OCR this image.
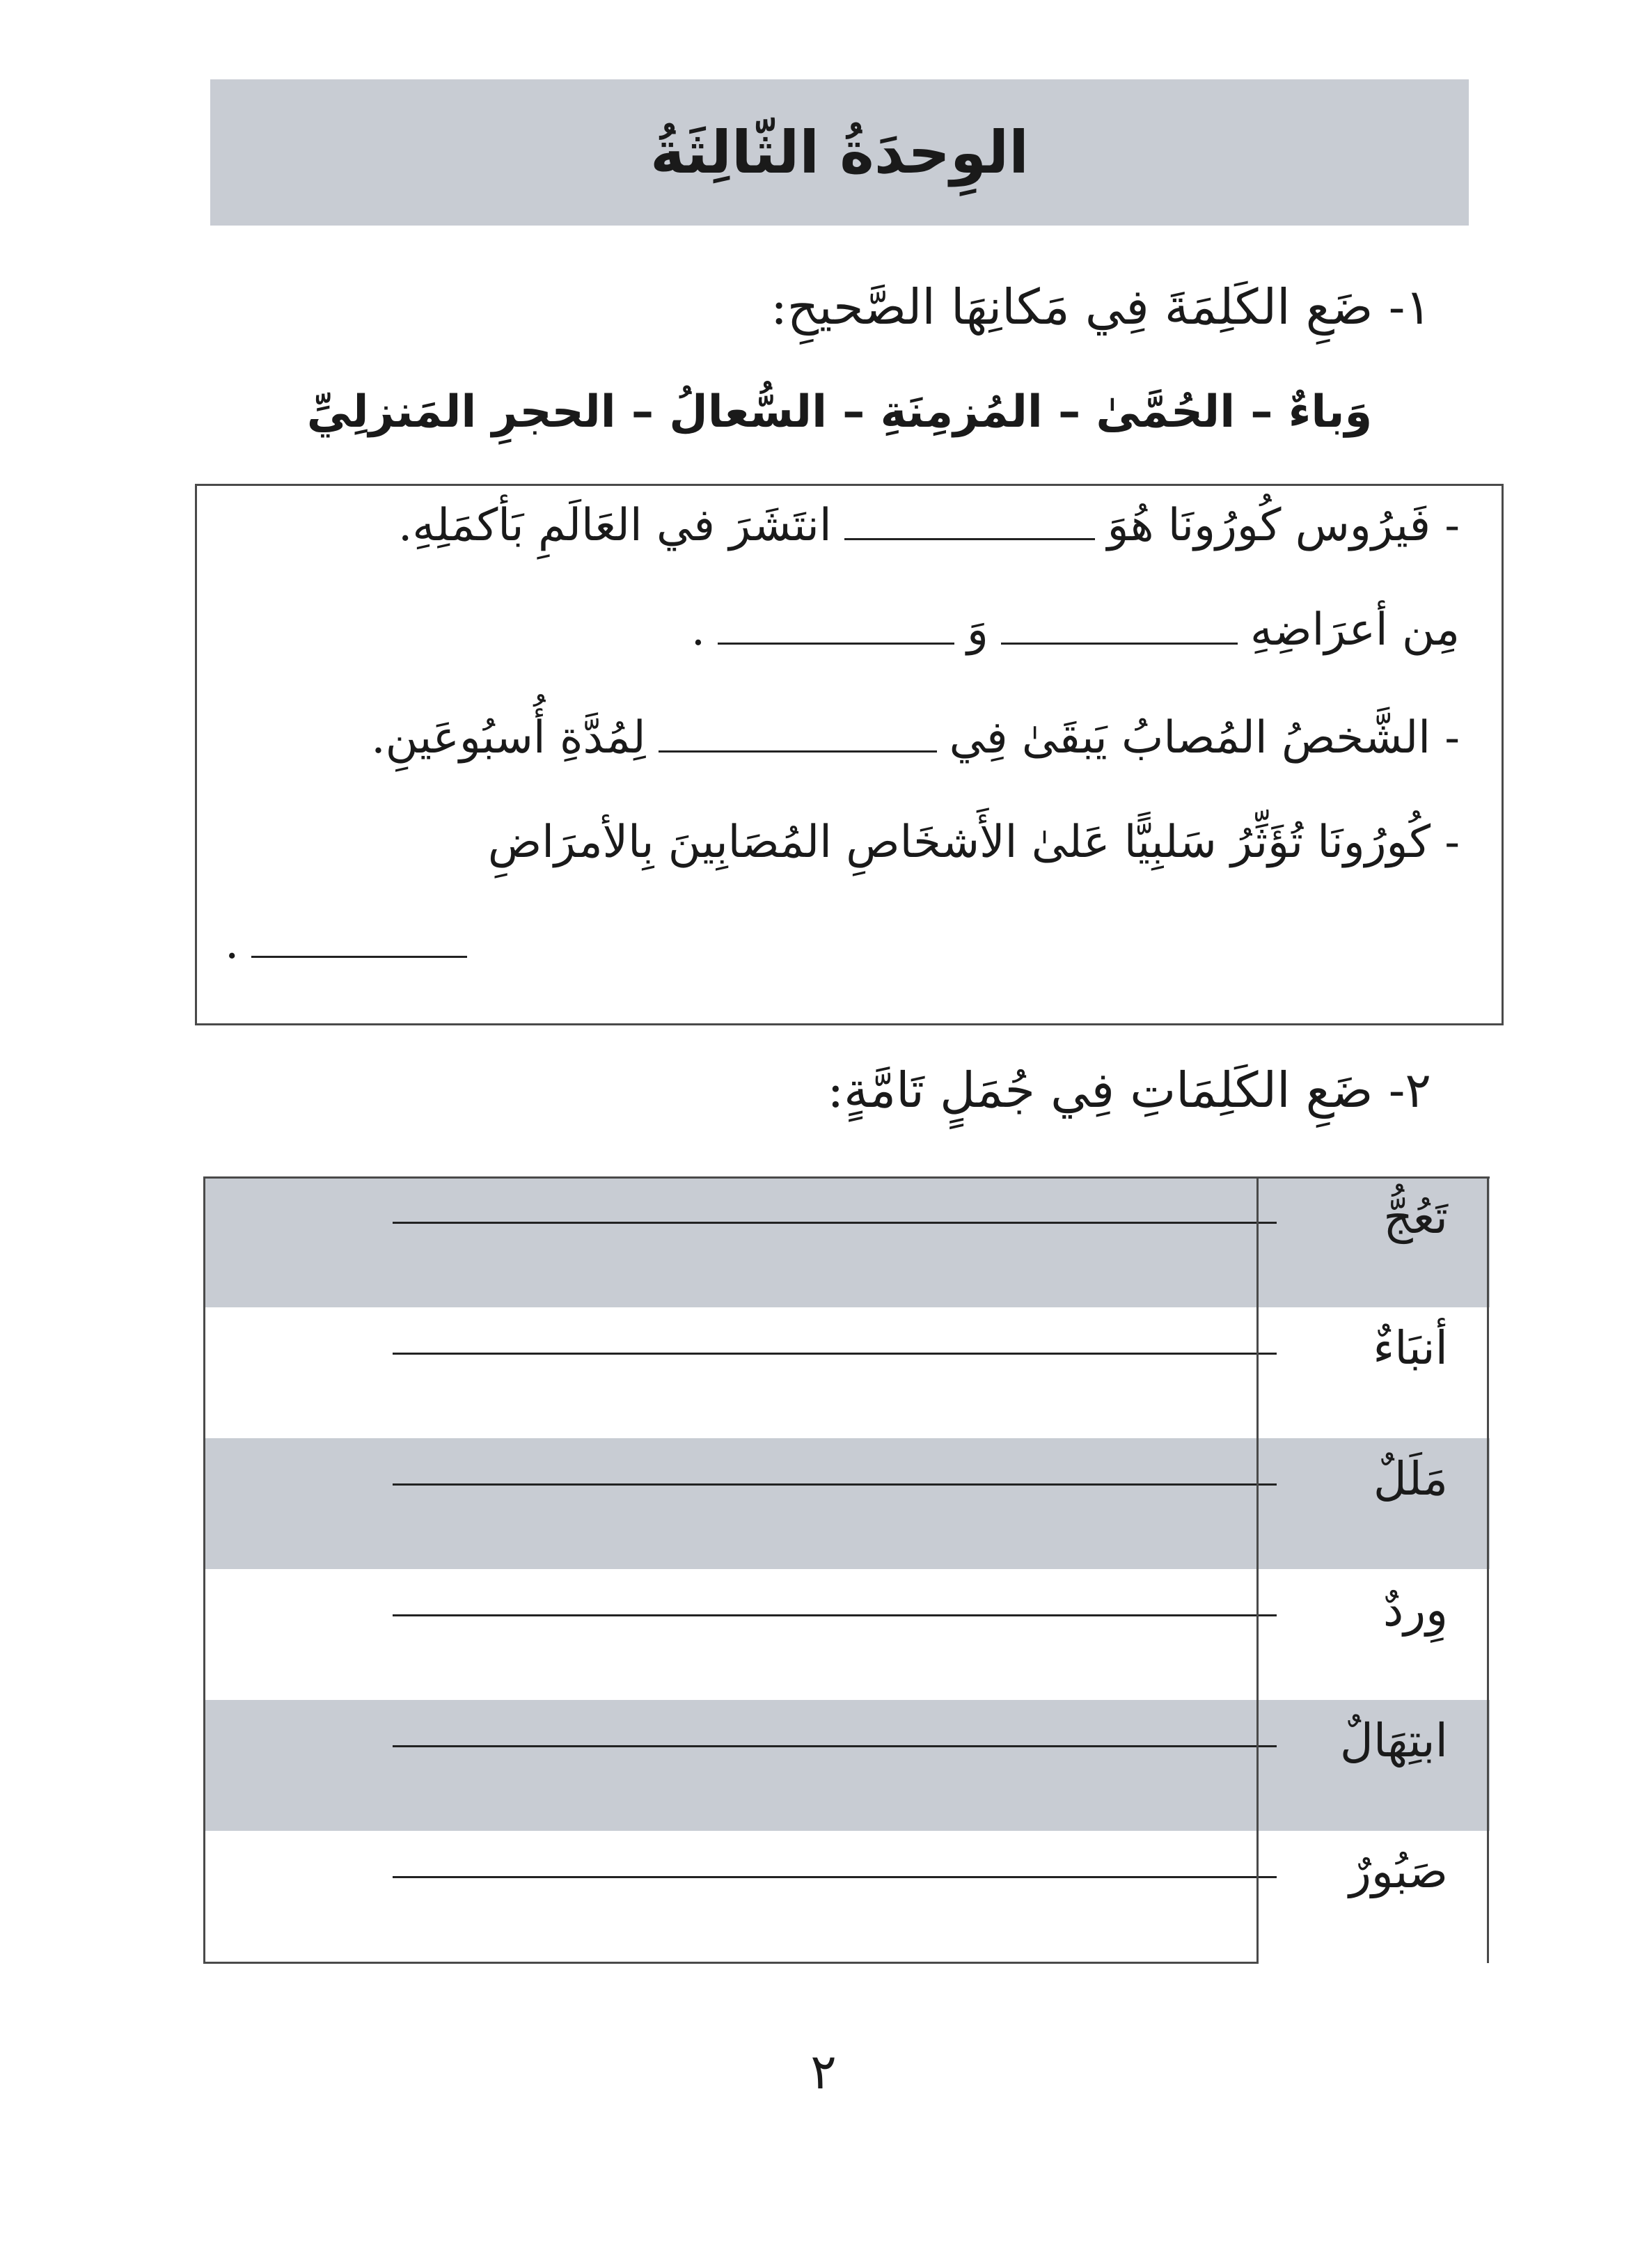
الوِحدَةُ الثّالِثَةُ
١- ضَعِ الكَلِمَةَ فِي مَكانِهَا الصَّحيحِ:
وَباءٌ – الحُمَّىٰ – المُزمِنَةِ – السُّعالُ – الحجرِ المَنزلِيِّ
- فَيرُوس كُورُونَا هُوَ
انتَشَرَ في العَالَمِ بَأكمَلِهِ.
مِن أعرَاضِهِ
وَ
.
- الشَّخصُ المُصابُ يَبقَىٰ فِي
لِمُدَّةِ أُسبُوعَينِ.
- كُورُونَا تُؤَثِّرُ سَلبِيًّا عَلىٰ الأَشخَاصِ المُصَابِينَ بِالأمرَاضِ
.
٢- ضَعِ الكَلِمَاتِ فِي جُمَلٍ تَامَّةٍ:
تَعُجُّ
أنبَاءٌ
مَلَلٌ
وِردٌ
ابتِهَالٌ
صَبُورٌ
٢
